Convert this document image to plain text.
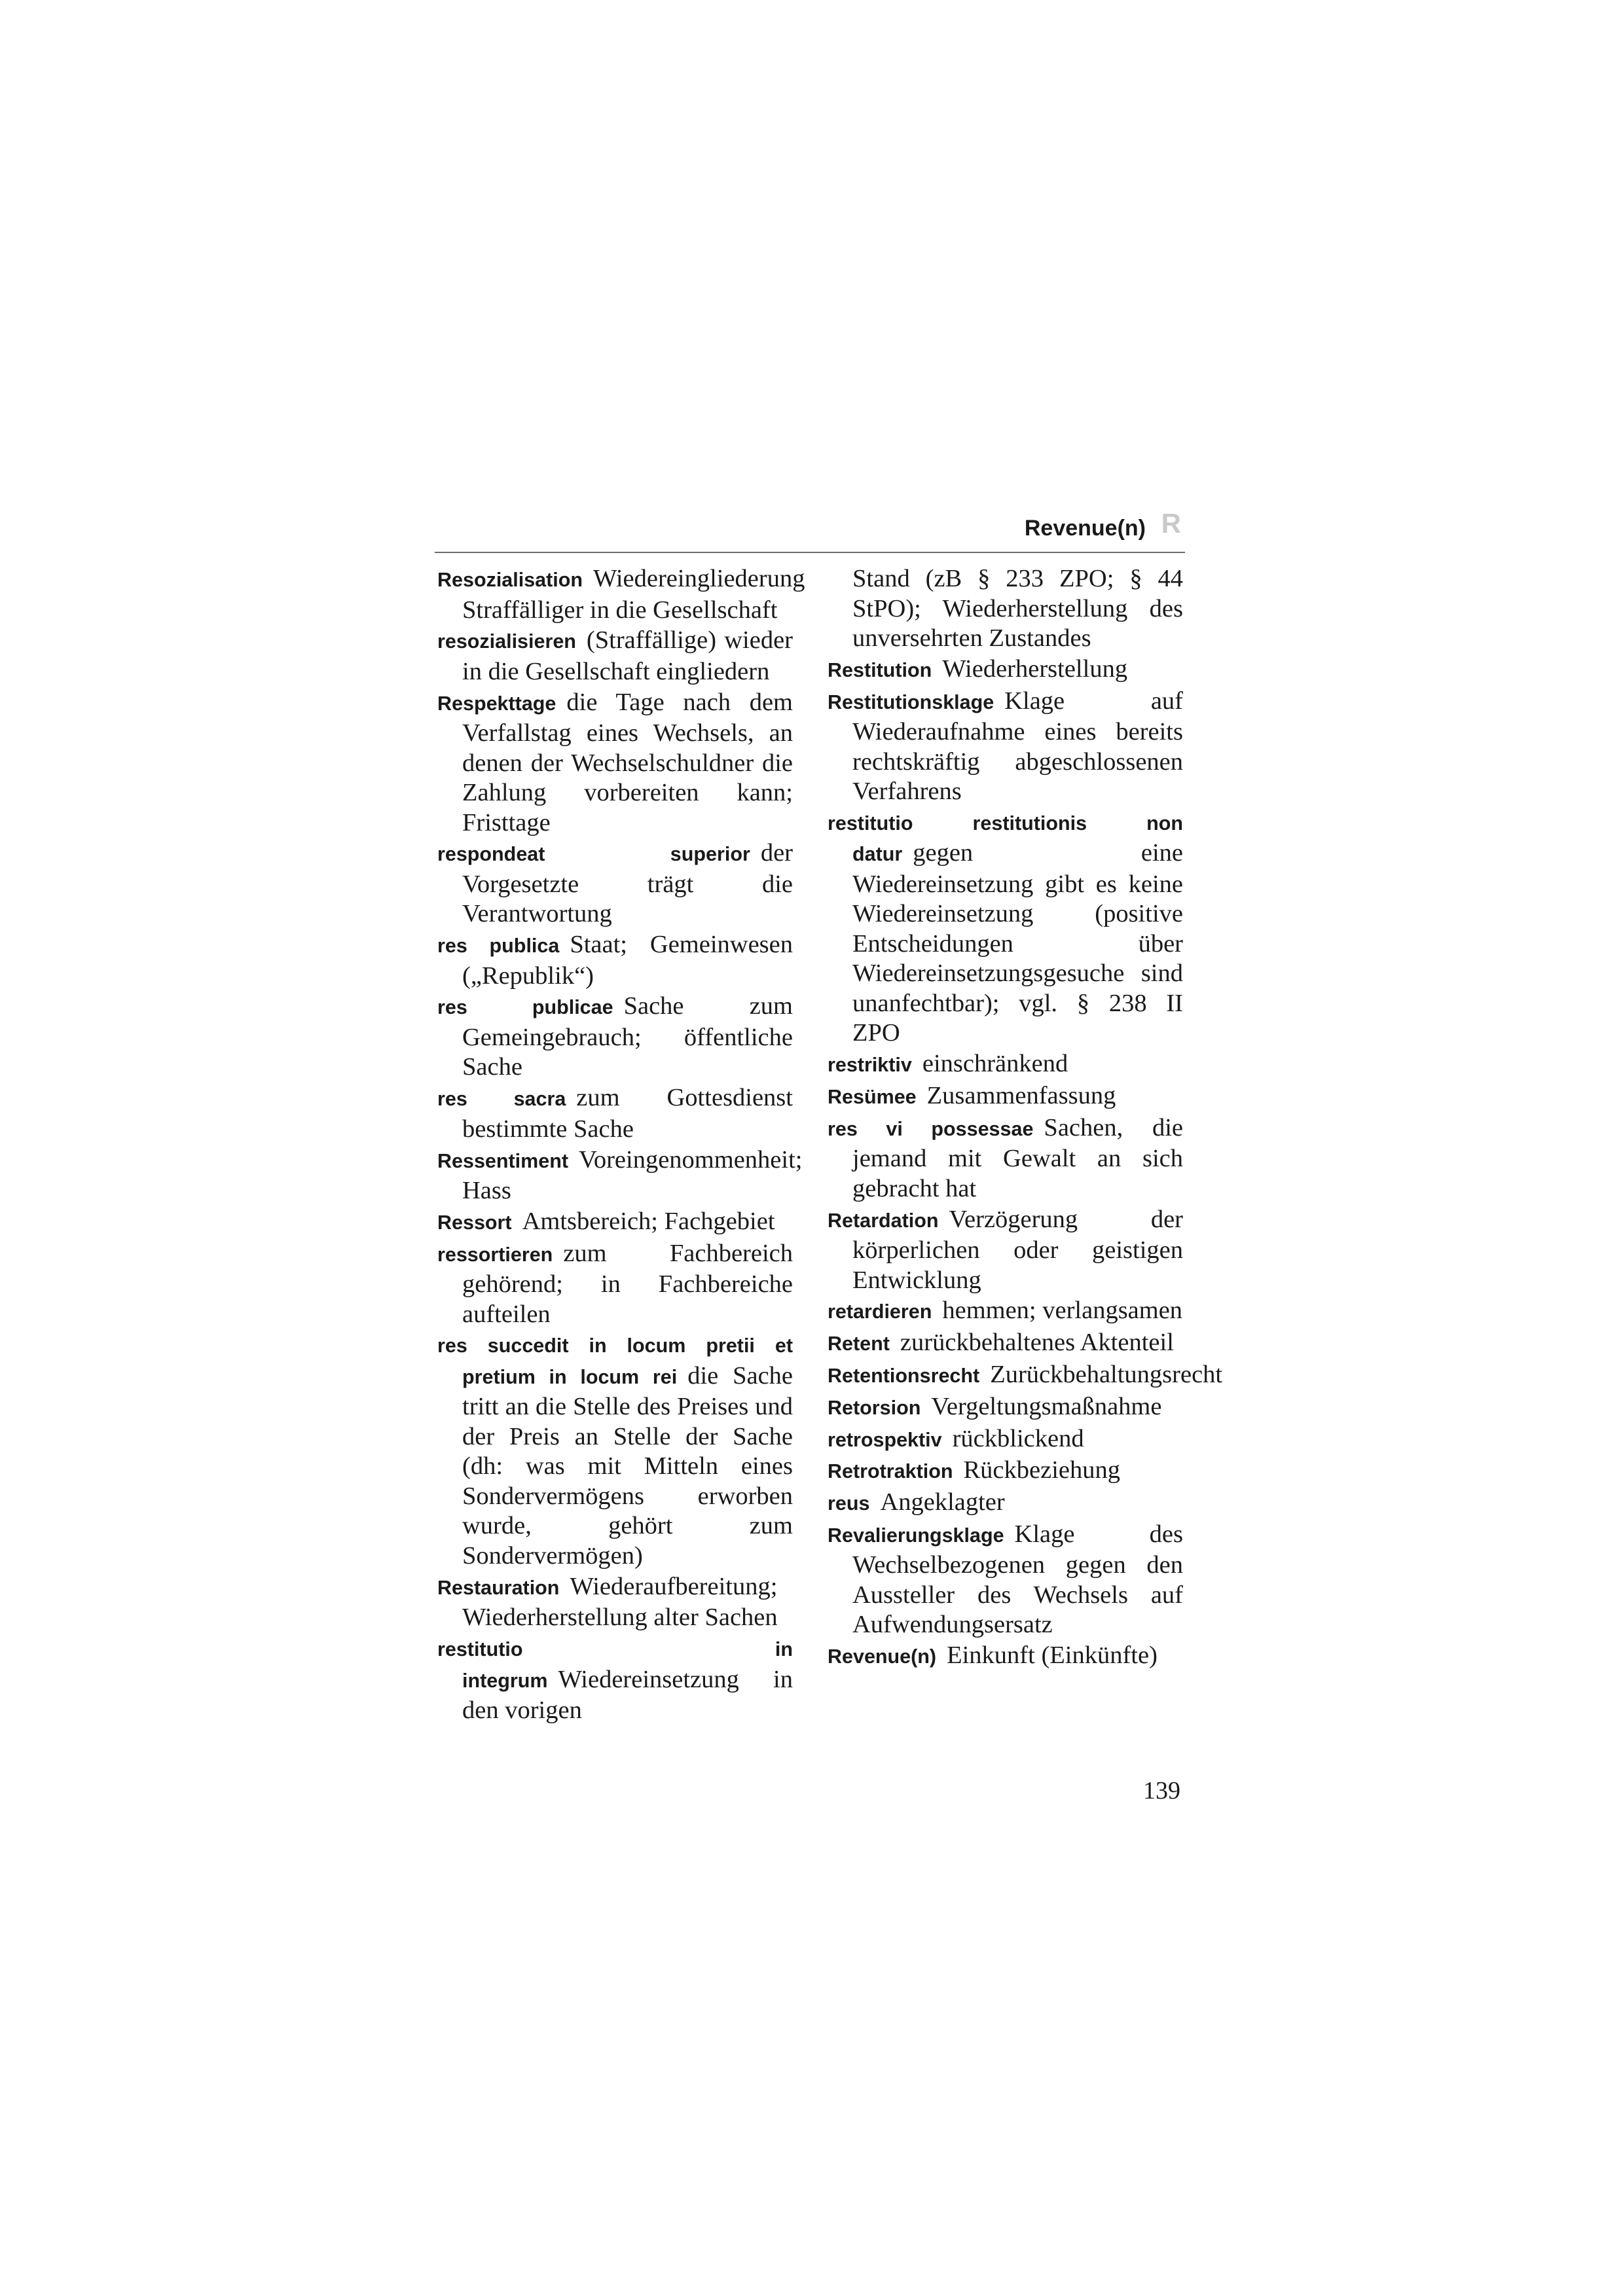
Revenue(n) R

Resozialisation Wiedereingliederung Straffälliger in die Gesellschaft

resozialisieren (Straffällige) wieder in die Gesellschaft eingliedern

Respekttage die Tage nach dem Verfallstag eines Wechsels, an denen der Wechselschuldner die Zahlung vorbereiten kann; Fristtage

respondeat superior der Vorgesetzte trägt die Verantwortung

res publica Staat; Gemeinwesen („Republik“)

res publicae Sache zum Gemeingebrauch; öffentliche Sache

res sacra zum Gottesdienst bestimmte Sache

Ressentiment Voreingenommenheit; Hass

Ressort Amtsbereich; Fachgebiet

ressortieren zum Fachbereich gehörend; in Fachbereiche aufteilen

res succedit in locum pretii et pretium in locum rei die Sache tritt an die Stelle des Preises und der Preis an Stelle der Sache (dh: was mit Mitteln eines Sondervermögens erworben wurde, gehört zum Sondervermögen)

Restauration Wiederaufbereitung; Wiederherstellung alter Sachen

restitutio in integrum Wiedereinsetzung in den vorigen

Stand (zB § 233 ZPO; § 44 StPO); Wiederherstellung des unversehrten Zustandes

Restitution Wiederherstellung

Restitutionsklage Klage auf Wiederaufnahme eines bereits rechtskräftig abgeschlossenen Verfahrens

restitutio restitutionis non datur gegen eine Wiedereinsetzung gibt es keine Wiedereinsetzung (positive Entscheidungen über Wiedereinsetzungsgesuche sind unanfechtbar); vgl. § 238 II ZPO

restriktiv einschränkend

Resümee Zusammenfassung

res vi possessae Sachen, die jemand mit Gewalt an sich gebracht hat

Retardation Verzögerung der körperlichen oder geistigen Entwicklung

retardieren hemmen; verlangsamen

Retent zurückbehaltenes Aktenteil

Retentionsrecht Zurückbehaltungsrecht

Retorsion Vergeltungsmaßnahme

retrospektiv rückblickend

Retrotraktion Rückbeziehung

reus Angeklagter

Revalierungsklage Klage des Wechselbezogenen gegen den Aussteller des Wechsels auf Aufwendungsersatz

Revenue(n) Einkunft (Einkünfte)

139
